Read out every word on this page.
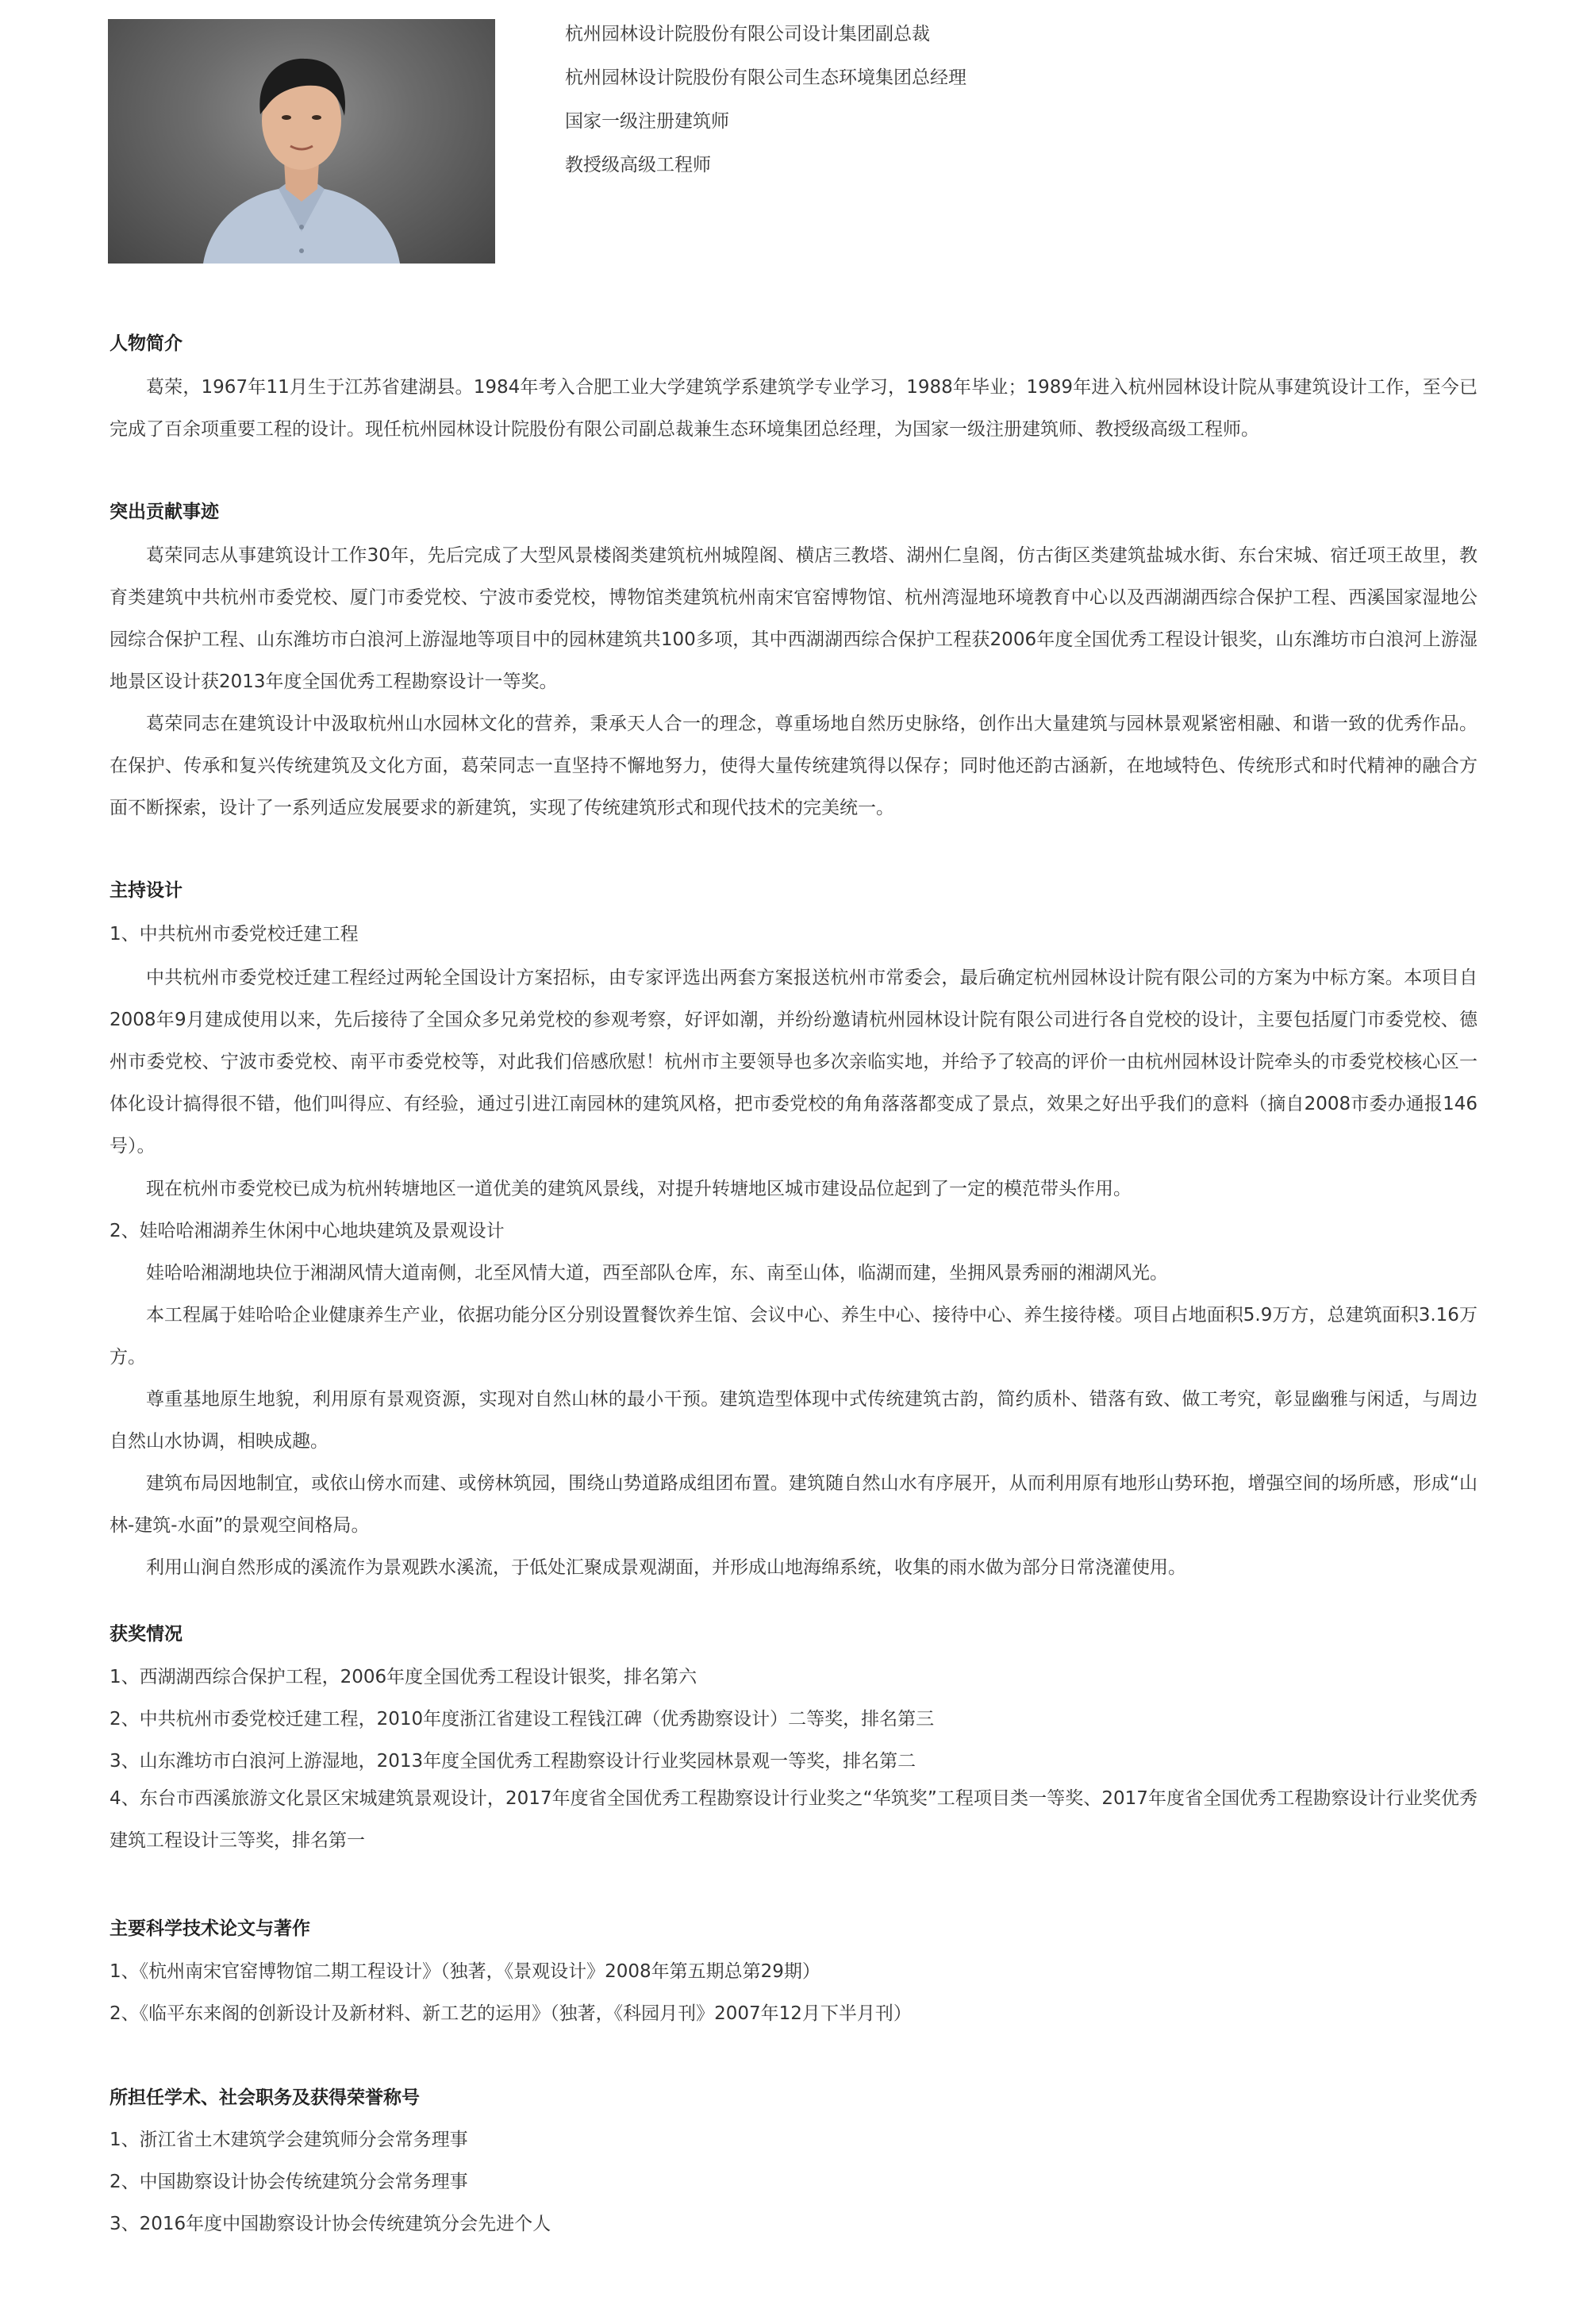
杭州园林设计院股份有限公司设计集团副总裁
杭州园林设计院股份有限公司生态环境集团总经理
国家一级注册建筑师
教授级高级工程师
人物简介

葛荣，1967年11月生于江苏省建湖县。1984年考入合肥工业大学建筑学系建筑学专业学习，1988年毕业；1989年进入杭州园林设计院从事建筑设计工作，至今已完成了百余项重要工程的设计。现任杭州园林设计院股份有限公司副总裁兼生态环境集团总经理，为国家一级注册建筑师、教授级高级工程师。

突出贡献事迹

葛荣同志从事建筑设计工作30年，先后完成了大型风景楼阁类建筑杭州城隍阁、横店三教塔、湖州仁皇阁，仿古街区类建筑盐城水街、东台宋城、宿迁项王故里，教育类建筑中共杭州市委党校、厦门市委党校、宁波市委党校，博物馆类建筑杭州南宋官窑博物馆、杭州湾湿地环境教育中心以及西湖湖西综合保护工程、西溪国家湿地公园综合保护工程、山东潍坊市白浪河上游湿地等项目中的园林建筑共100多项，其中西湖湖西综合保护工程获2006年度全国优秀工程设计银奖，山东潍坊市白浪河上游湿地景区设计获2013年度全国优秀工程勘察设计一等奖。

葛荣同志在建筑设计中汲取杭州山水园林文化的营养，秉承天人合一的理念，尊重场地自然历史脉络，创作出大量建筑与园林景观紧密相融、和谐一致的优秀作品。在保护、传承和复兴传统建筑及文化方面，葛荣同志一直坚持不懈地努力，使得大量传统建筑得以保存；同时他还韵古涵新，在地域特色、传统形式和时代精神的融合方面不断探索，设计了一系列适应发展要求的新建筑，实现了传统建筑形式和现代技术的完美统一。

主持设计
1、中共杭州市委党校迁建工程

中共杭州市委党校迁建工程经过两轮全国设计方案招标，由专家评选出两套方案报送杭州市常委会，最后确定杭州园林设计院有限公司的方案为中标方案。本项目自2008年9月建成使用以来，先后接待了全国众多兄弟党校的参观考察，好评如潮，并纷纷邀请杭州园林设计院有限公司进行各自党校的设计，主要包括厦门市委党校、德州市委党校、宁波市委党校、南平市委党校等，对此我们倍感欣慰！杭州市主要领导也多次亲临实地，并给予了较高的评价一由杭州园林设计院牵头的市委党校核心区一体化设计搞得很不错，他们叫得应、有经验，通过引进江南园林的建筑风格，把市委党校的角角落落都变成了景点，效果之好出乎我们的意料（摘自2008市委办通报146号）。

现在杭州市委党校已成为杭州转塘地区一道优美的建筑风景线，对提升转塘地区城市建设品位起到了一定的模范带头作用。

2、娃哈哈湘湖养生休闲中心地块建筑及景观设计

娃哈哈湘湖地块位于湘湖风情大道南侧，北至风情大道，西至部队仓库，东、南至山体，临湖而建，坐拥风景秀丽的湘湖风光。

本工程属于娃哈哈企业健康养生产业，依据功能分区分别设置餐饮养生馆、会议中心、养生中心、接待中心、养生接待楼。项目占地面积5.9万方，总建筑面积3.16万方。

尊重基地原生地貌，利用原有景观资源，实现对自然山林的最小干预。建筑造型体现中式传统建筑古韵，简约质朴、错落有致、做工考究，彰显幽雅与闲适，与周边自然山水协调，相映成趣。

建筑布局因地制宜，或依山傍水而建、或傍林筑园，围绕山势道路成组团布置。建筑随自然山水有序展开，从而利用原有地形山势环抱，增强空间的场所感，形成“山林-建筑-水面”的景观空间格局。

利用山涧自然形成的溪流作为景观跌水溪流，于低处汇聚成景观湖面，并形成山地海绵系统，收集的雨水做为部分日常浇灌使用。

获奖情况
1、西湖湖西综合保护工程，2006年度全国优秀工程设计银奖，排名第六
2、中共杭州市委党校迁建工程，2010年度浙江省建设工程钱江碑（优秀勘察设计）二等奖，排名第三
3、山东潍坊市白浪河上游湿地，2013年度全国优秀工程勘察设计行业奖园林景观一等奖，排名第二

4、东台市西溪旅游文化景区宋城建筑景观设计，2017年度省全国优秀工程勘察设计行业奖之“华筑奖”工程项目类一等奖、2017年度省全国优秀工程勘察设计行业奖优秀建筑工程设计三等奖，排名第一

主要科学技术论文与著作
1、《杭州南宋官窑博物馆二期工程设计》（独著，《景观设计》2008年第五期总第29期）
2、《临平东来阁的创新设计及新材料、新工艺的运用》（独著，《科园月刊》2007年12月下半月刊）
所担任学术、社会职务及获得荣誉称号
1、浙江省土木建筑学会建筑师分会常务理事
2、中国勘察设计协会传统建筑分会常务理事
3、2016年度中国勘察设计协会传统建筑分会先进个人
